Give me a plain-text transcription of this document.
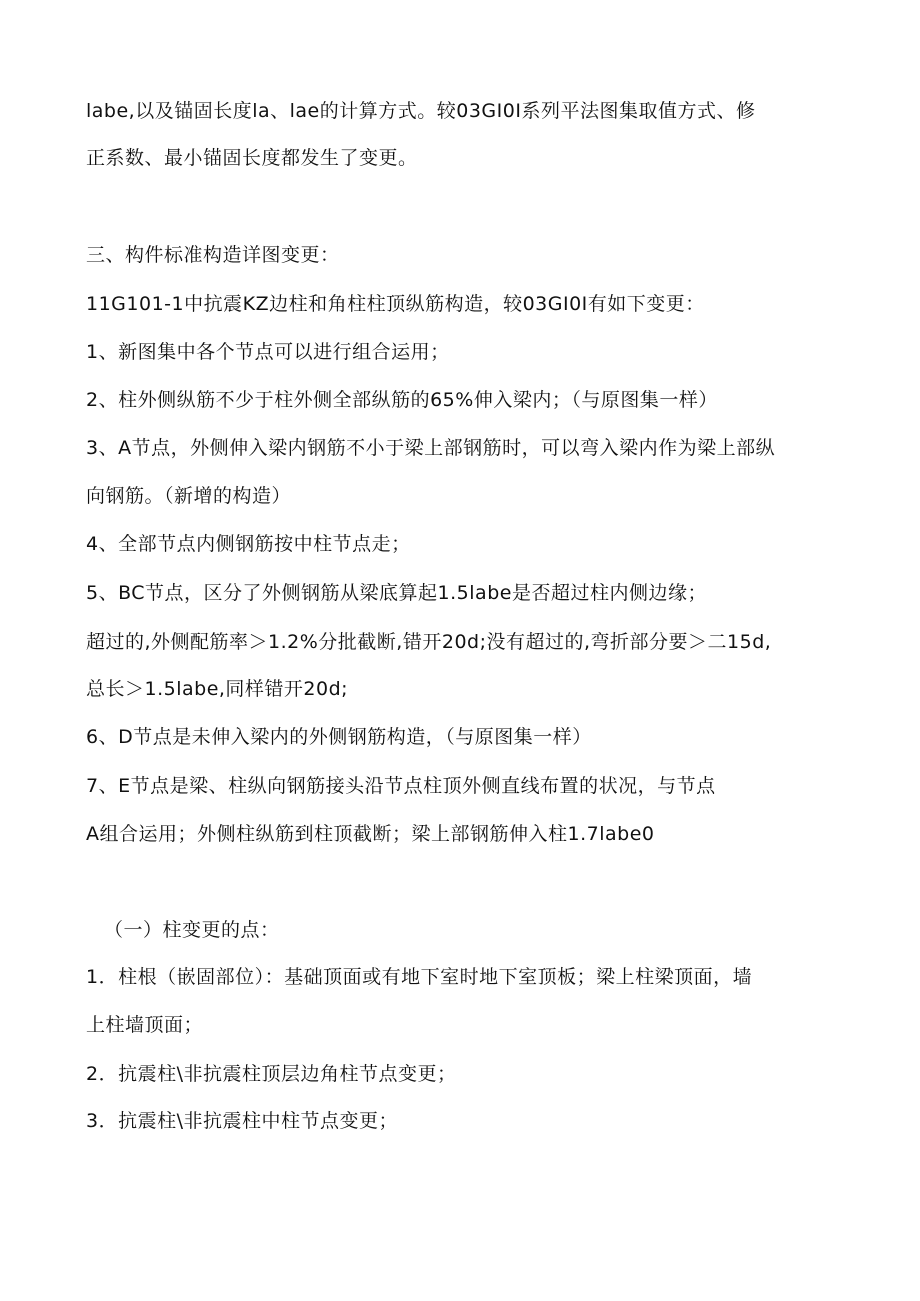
labe,以及锚固长度la、lae的计算方式。较03GI0I系列平法图集取值方式、修
正系数、最小锚固长度都发生了变更。
三、构件标准构造详图变更：
11G101-1中抗震KZ边柱和角柱柱顶纵筋构造，较03GI0I有如下变更：
1、新图集中各个节点可以进行组合运用；
2、柱外侧纵筋不少于柱外侧全部纵筋的65%伸入梁内；（与原图集一样）
3、A节点，外侧伸入梁内钢筋不小于梁上部钢筋时，可以弯入梁内作为梁上部纵
向钢筋。（新增的构造）
4、全部节点内侧钢筋按中柱节点走；
5、BC节点，区分了外侧钢筋从梁底算起1.5labe是否超过柱内侧边缘；
超过的,外侧配筋率＞1.2%分批截断,错开20d;没有超过的,弯折部分要＞二15d,
总长＞1.5labe,同样错开20d;
6、D节点是未伸入梁内的外侧钢筋构造，（与原图集一样）
7、E节点是梁、柱纵向钢筋接头沿节点柱顶外侧直线布置的状况，与节点
A组合运用；外侧柱纵筋到柱顶截断；梁上部钢筋伸入柱1.7labe0
（一）柱变更的点：
1．柱根（嵌固部位）：基础顶面或有地下室时地下室顶板；梁上柱梁顶面，墙
上柱墙顶面；
2．抗震柱\非抗震柱顶层边角柱节点变更；
3．抗震柱\非抗震柱中柱节点变更；
